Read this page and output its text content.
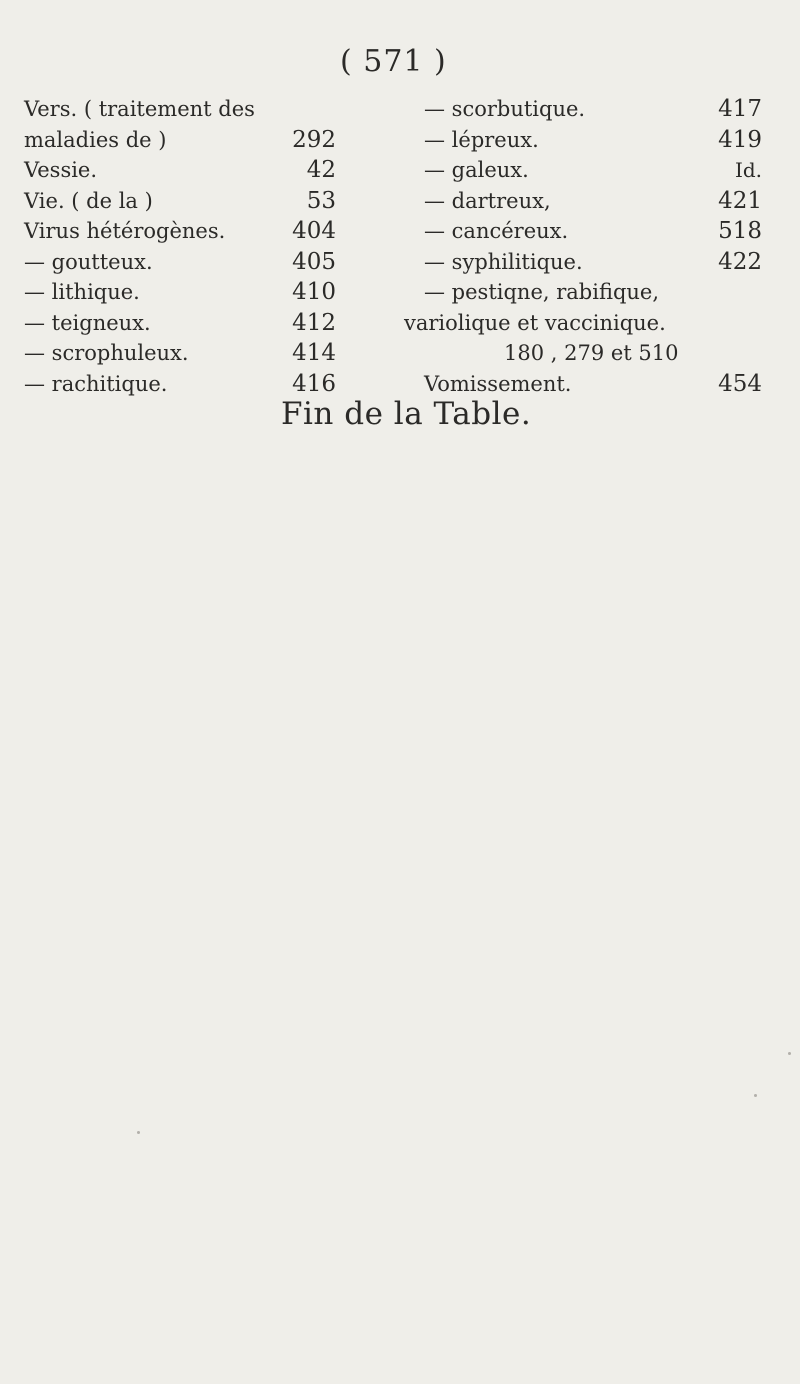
( 571 )
Vers. ( traitement des
maladies de )	292
Vessie.	42
Vie. ( de la )	53
Virus hétérogènes.	404
— goutteux.	405
— lithique.	410
— teigneux.	412
— scrophuleux.	414
— rachitique.	416
— scorbutique.	417
— lépreux.	419
— galeux.	Id.
— dartreux,	421
— cancéreux.	518
— syphilitique.	422
— pestiqne, rabifique,
variolique et vaccinique.
180 , 279 et 510
Vomissement.	454
Fin de la Table.
